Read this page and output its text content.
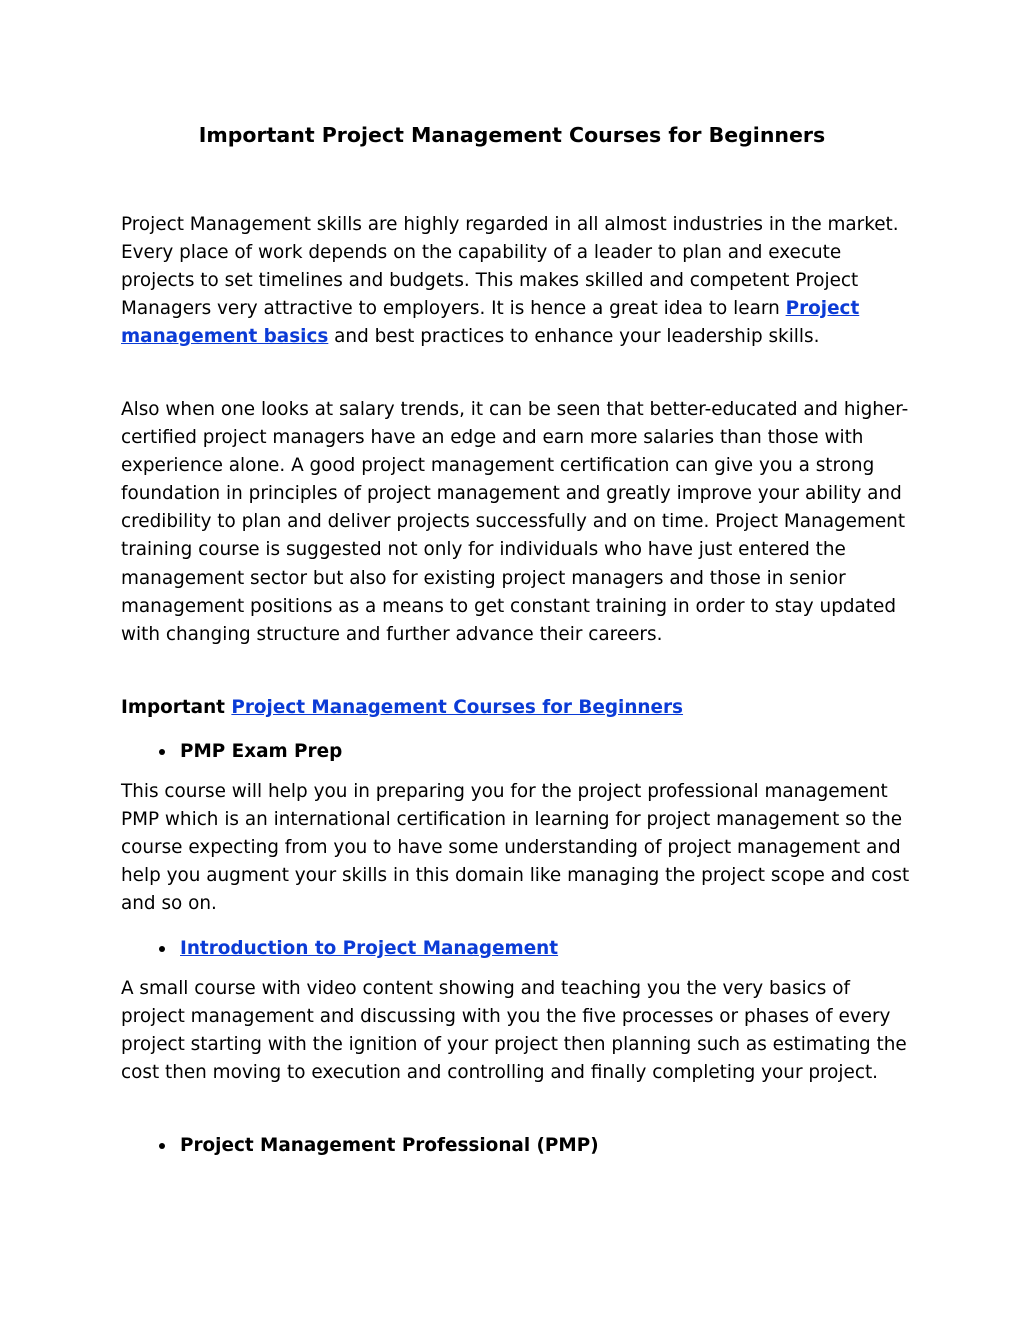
Important Project Management Courses for Beginners

Project Management skills are highly regarded in all almost industries in the market. Every place of work depends on the capability of a leader to plan and execute projects to set timelines and budgets. This makes skilled and competent Project Managers very attractive to employers. It is hence a great idea to learn Project management basics and best practices to enhance your leadership skills.

Also when one looks at salary trends, it can be seen that better-educated and higher-certified project managers have an edge and earn more salaries than those with experience alone. A good project management certification can give you a strong foundation in principles of project management and greatly improve your ability and credibility to plan and deliver projects successfully and on time. Project Management training course is suggested not only for individuals who have just entered the management sector but also for existing project managers and those in senior management positions as a means to get constant training in order to stay updated with changing structure and further advance their careers.

Important Project Management Courses for Beginners
PMP Exam Prep

This course will help you in preparing you for the project professional management PMP which is an international certification in learning for project management so the course expecting from you to have some understanding of project management and help you augment your skills in this domain like managing the project scope and cost and so on.

Introduction to Project Management

A small course with video content showing and teaching you the very basics of project management and discussing with you the five processes or phases of every project starting with the ignition of your project then planning such as estimating the cost then moving to execution and controlling and finally completing your project.

Project Management Professional (PMP)
